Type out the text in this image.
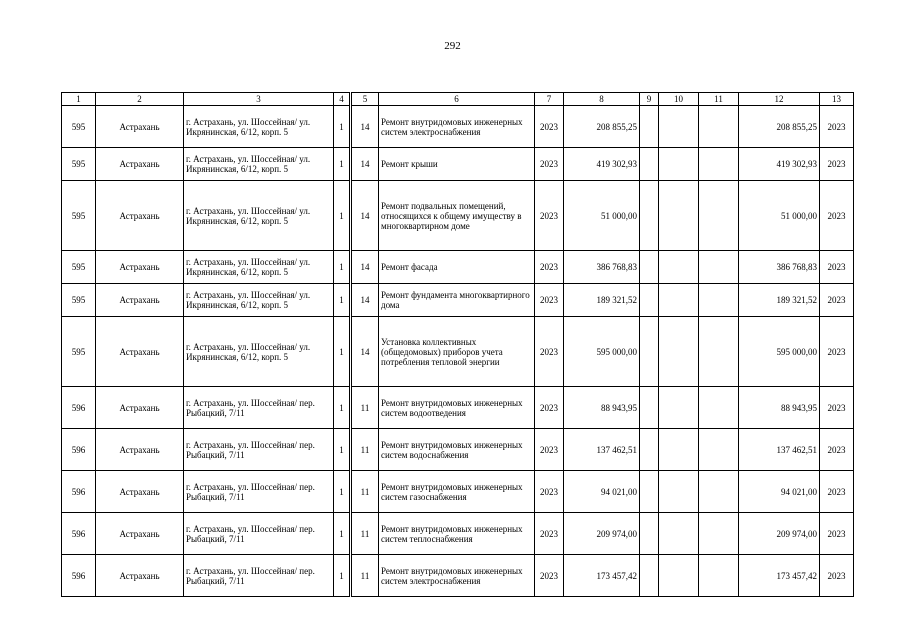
292
1	2	3	4	5	6	7	8	9	10	11	12	13
595	Астрахань	г. Астрахань, ул. Шоссейная/ ул. Икрянинская, 6/12, корп. 5	1	14	Ремонт внутридомовых инженерных систем электроснабжения	2023	208 855,25				208 855,25	2023
595	Астрахань	г. Астрахань, ул. Шоссейная/ ул. Икрянинская, 6/12, корп. 5	1	14	Ремонт крыши	2023	419 302,93				419 302,93	2023
595	Астрахань	г. Астрахань, ул. Шоссейная/ ул. Икрянинская, 6/12, корп. 5	1	14	Ремонт подвальных помещений, относящихся к общему имуществу в многоквартирном доме	2023	51 000,00				51 000,00	2023
595	Астрахань	г. Астрахань, ул. Шоссейная/ ул. Икрянинская, 6/12, корп. 5	1	14	Ремонт фасада	2023	386 768,83				386 768,83	2023
595	Астрахань	г. Астрахань, ул. Шоссейная/ ул. Икрянинская, 6/12, корп. 5	1	14	Ремонт фундамента многоквартирного дома	2023	189 321,52				189 321,52	2023
595	Астрахань	г. Астрахань, ул. Шоссейная/ ул. Икрянинская, 6/12, корп. 5	1	14	Установка коллективных (общедомовых) приборов учета потребления тепловой энергии	2023	595 000,00				595 000,00	2023
596	Астрахань	г. Астрахань, ул. Шоссейная/ пер. Рыбацкий, 7/11	1	11	Ремонт внутридомовых инженерных систем водоотведения	2023	88 943,95				88 943,95	2023
596	Астрахань	г. Астрахань, ул. Шоссейная/ пер. Рыбацкий, 7/11	1	11	Ремонт внутридомовых инженерных систем водоснабжения	2023	137 462,51				137 462,51	2023
596	Астрахань	г. Астрахань, ул. Шоссейная/ пер. Рыбацкий, 7/11	1	11	Ремонт внутридомовых инженерных систем газоснабжения	2023	94 021,00				94 021,00	2023
596	Астрахань	г. Астрахань, ул. Шоссейная/ пер. Рыбацкий, 7/11	1	11	Ремонт внутридомовых инженерных систем теплоснабжения	2023	209 974,00				209 974,00	2023
596	Астрахань	г. Астрахань, ул. Шоссейная/ пер. Рыбацкий, 7/11	1	11	Ремонт внутридомовых инженерных систем электроснабжения	2023	173 457,42				173 457,42	2023
